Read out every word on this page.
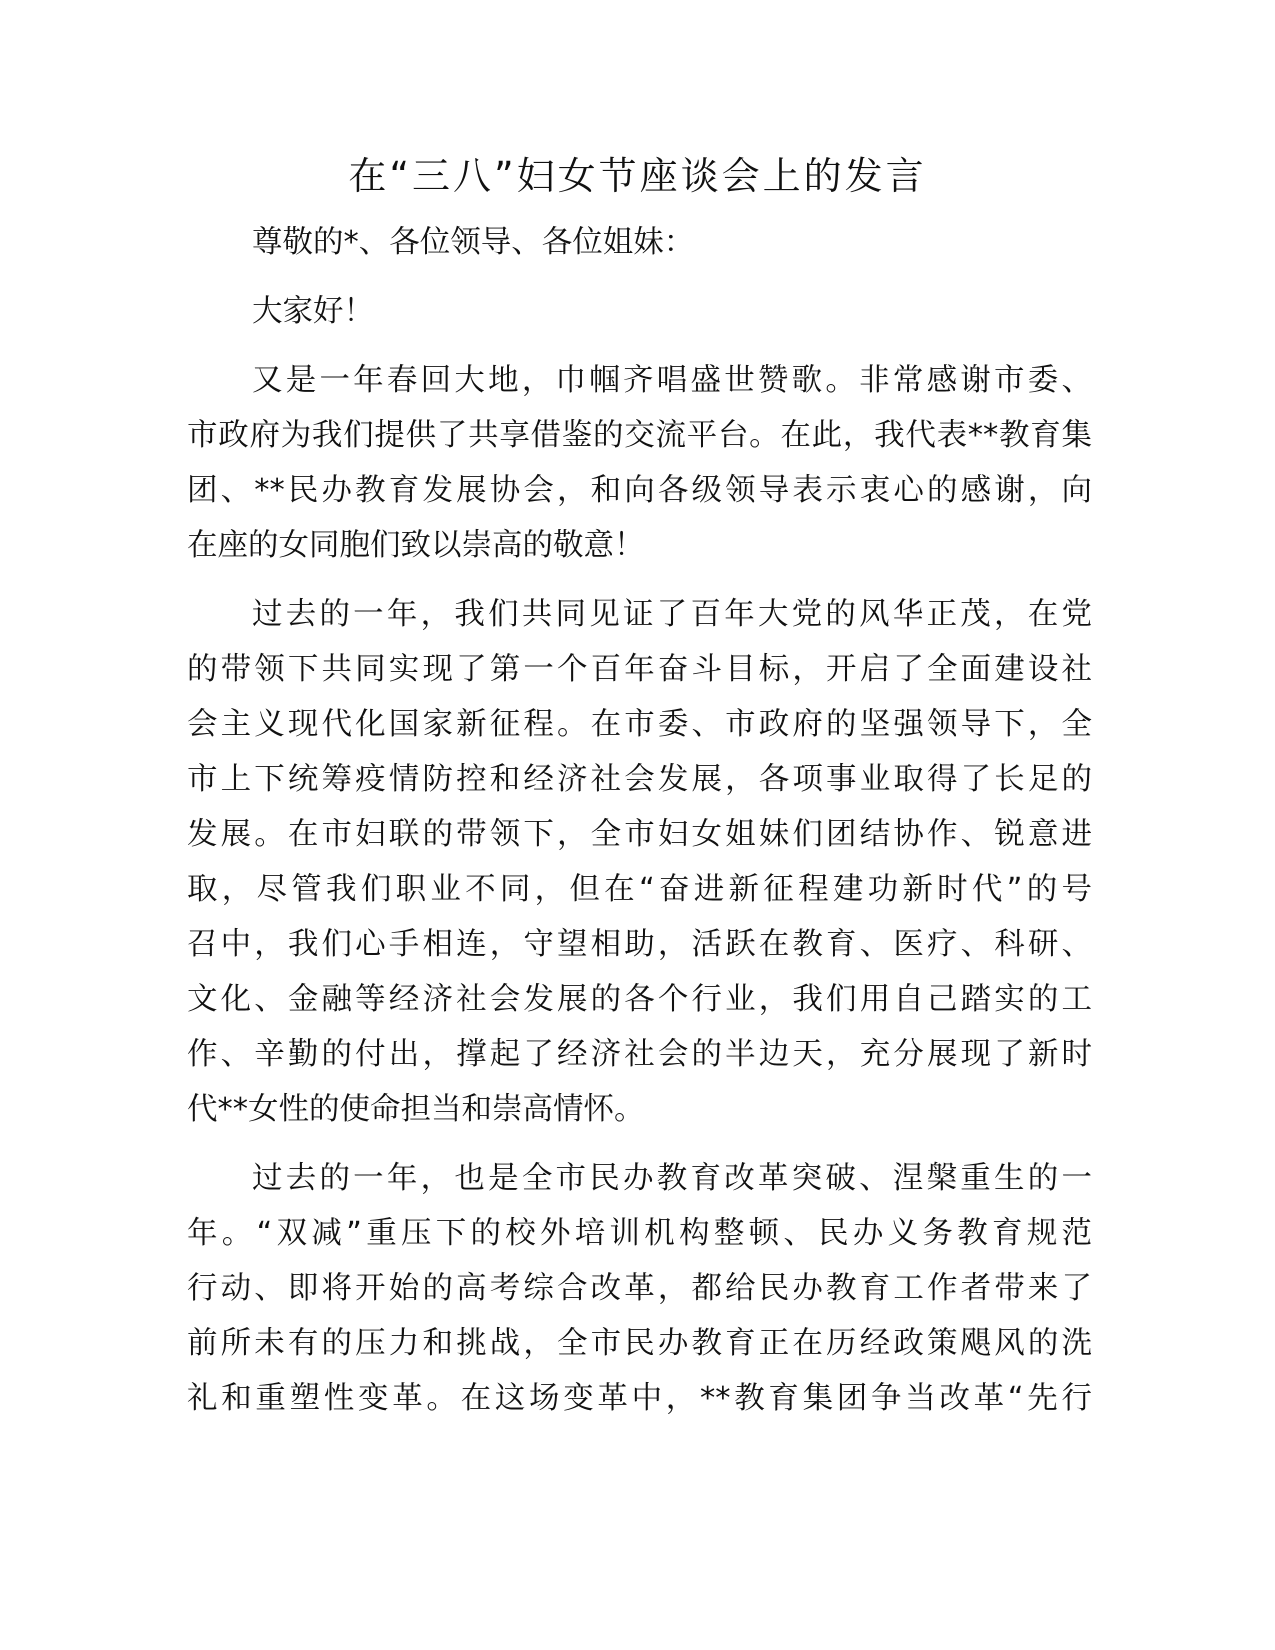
在“三八”妇女节座谈会上的发言
尊敬的*、各位领导、各位姐妹：
大家好！
又是一年春回大地，巾帼齐唱盛世赞歌。非常感谢市委、
市政府为我们提供了共享借鉴的交流平台。在此，我代表**教育集
团、**民办教育发展协会，和向各级领导表示衷心的感谢，向
在座的女同胞们致以崇高的敬意！
过去的一年，我们共同见证了百年大党的风华正茂，在党
的带领下共同实现了第一个百年奋斗目标，开启了全面建设社
会主义现代化国家新征程。在市委、市政府的坚强领导下，全
市上下统筹疫情防控和经济社会发展，各项事业取得了长足的
发展。在市妇联的带领下，全市妇女姐妹们团结协作、锐意进
取，尽管我们职业不同，但在“奋进新征程建功新时代”的号
召中，我们心手相连，守望相助，活跃在教育、医疗、科研、
文化、金融等经济社会发展的各个行业，我们用自己踏实的工
作、辛勤的付出，撑起了经济社会的半边天，充分展现了新时
代**女性的使命担当和崇高情怀。
过去的一年，也是全市民办教育改革突破、涅槃重生的一
年。“双减”重压下的校外培训机构整顿、民办义务教育规范
行动、即将开始的高考综合改革，都给民办教育工作者带来了
前所未有的压力和挑战，全市民办教育正在历经政策飓风的洗
礼和重塑性变革。在这场变革中，**教育集团争当改革“先行
